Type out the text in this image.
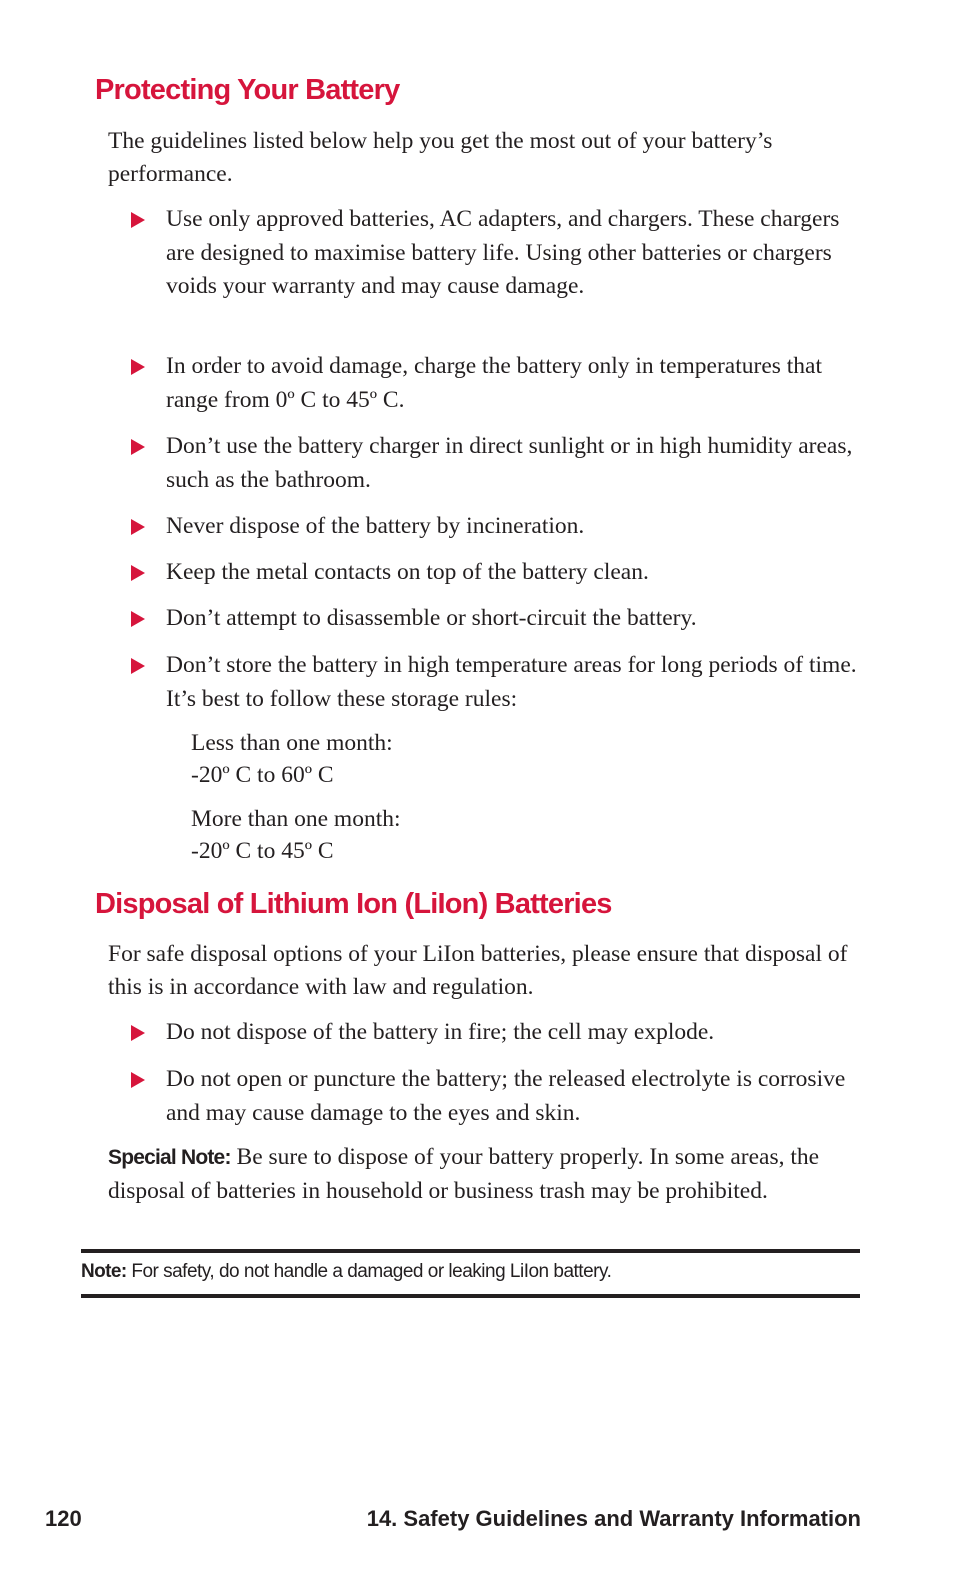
Protecting Your Battery

The guidelines listed below help you get the most out of your battery’s performance.

Use only approved batteries, AC adapters, and chargers. These chargers are designed to maximise battery life. Using other batteries or chargers voids your warranty and may cause damage.
In order to avoid damage, charge the battery only in temperatures that range from 0º C to 45º C.
Don’t use the battery charger in direct sunlight or in high humidity areas, such as the bathroom.
Never dispose of the battery by incineration.
Keep the metal contacts on top of the battery clean.
Don’t attempt to disassemble or short-circuit the battery.
Don’t store the battery in high temperature areas for long periods of time. It’s best to follow these storage rules:
Less than one month:
-20º C to 60º C
More than one month:
-20º C to 45º C
Disposal of Lithium Ion (LiIon) Batteries

For safe disposal options of your LiIon batteries, please ensure that disposal of this is in accordance with law and regulation.

Do not dispose of the battery in fire; the cell may explode.
Do not open or puncture the battery; the released electrolyte is corrosive and may cause damage to the eyes and skin.

Special Note: Be sure to dispose of your battery properly. In some areas, the disposal of batteries in household or business trash may be prohibited.

Note: For safety, do not handle a damaged or leaking LiIon battery.
120	14. Safety Guidelines and Warranty Information
